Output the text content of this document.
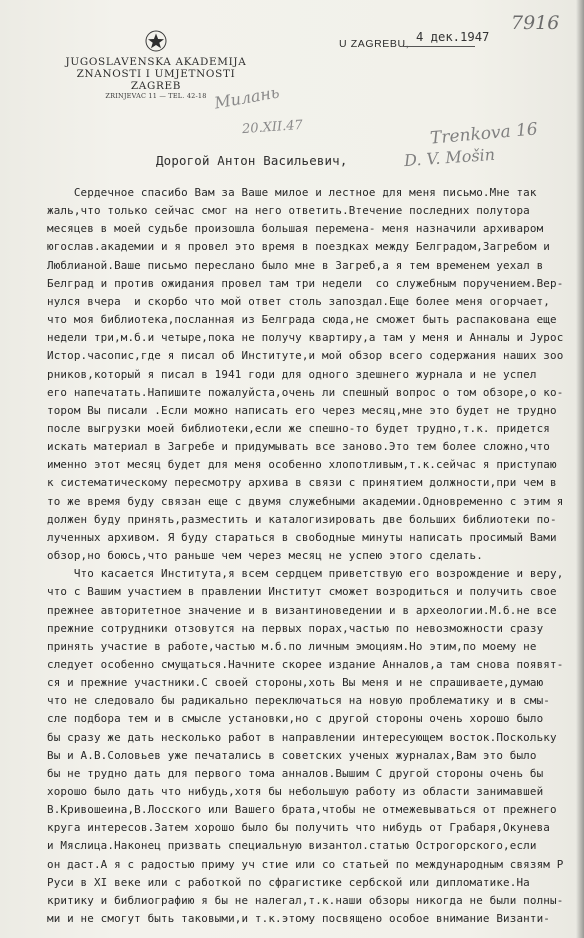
JUGOSLAVENSKA AKADEMIJA
ZNANOSTI I UMJETNOSTI
ZAGREB
ZRINJEVAC 11 — TEL. 42-18
U ZAGREBU, 4 дек.1947
7916
Милань
20.XII.47	Trenkova 16
D. V. Mošin
Дорогой Антон Васильевич,
Сердечное спасибо Вам за Ваше милое и лестное для меня письмо.Мне так
жаль,что только сейчас смог на него ответить.Втечение последних полутора
месяцев в моей судьбе произошла большая перемена- меня назначили архиваром
югослав.академии и я провел это время в поездках между Белградом,Загребом и
Люблианой.Ваше письмо переслано было мне в Загреб,а я тем временем уехал в
Белград и против ожидания провел там три недели  со служебным поручением.Вер-
нулся вчера  и скорбо что мой ответ столь запоздал.Еще более меня огорчает,
что моя библиотека,посланная из Белграда сюда,не сможет быть распакована еще
недели три,м.б.и четыре,пока не получу квартиру,а там у меня и Анналы и Jурос
Истор.часопис,где я писал об Институте,и мой обзор всего содержания наших зоо
рников,который я писал в 1941 годи для одного здешнего журнала и не успел
его напечатать.Напишите пожалуйста,очень ли спешный вопрос о том обзоре,о ко-
тором Вы писали .Если можно написать его через месяц,мне это будет не трудно
после выгрузки моей библиотеки,если же спешно-то будет трудно,т.к. придется
искать материал в Загребе и придумывать все заново.Это тем более сложно,что
именно этот месяц будет для меня особенно хлопотливым,т.к.сейчас я приступаю
к систематическому пересмотру архива в связи с принятием должности,при чем в
то же время буду связан еще с двумя служебными академии.Одновременно с этим я
должен буду принять,разместить и каталогизировать две больших библиотеки по-
лученных архивом. Я буду стараться в свободные минуты написать просимый Вами
обзор,но боюсь,что раньше чем через месяц не успею этого сделать.
Что касается Института,я всем сердцем приветствую его возрождение и веру,
что с Вашим участием в правлении Институт сможет возродиться и получить свое
прежнее авторитетное значение и в византиноведении и в археологии.М.б.не все
прежние сотрудники отзовутся на первых порах,частью по невозможности сразу
принять участие в работе,частью м.б.по личным эмоциям.Но этим,по моему не
следует особенно смущаться.Начните скорее издание Анналов,а там снова появят-
ся и прежние участники.С своей стороны,хоть Вы меня и не спрашиваете,думаю
что не следовало бы радикально переключаться на новую проблематику и в смы-
сле подбора тем и в смысле установки,но с другой стороны очень хорошо было
бы сразу же дать несколько работ в направлении интересующем восток.Поскольку
Вы и А.В.Соловьев уже печатались в советских ученых журналах,Вам это было
бы не трудно дать для первого тома анналов.Вышим С другой стороны очень бы
хорошо было дать что нибудь,хотя бы небольшую работу из области занимавшей
В.Кривошеина,В.Лосского или Вашего брата,чтобы не отмежевываться от прежнего
круга интересов.Затем хорошо было бы получить что нибудь от Грабаря,Окунева
и Мяслица.Наконец призвать специальную византол.статью Острогорского,если
он даст.А я с радостью приму уч стие или со статьей по международным связям Р
Руси в XI веке или с работкой по сфрагистике сербской или дипломатике.На
критику и библиографию я бы не налегал,т.к.наши обзоры никогда не были полны-
ми и не смогут быть таковыми,и т.к.этому посвящено особое внимание Византи-
